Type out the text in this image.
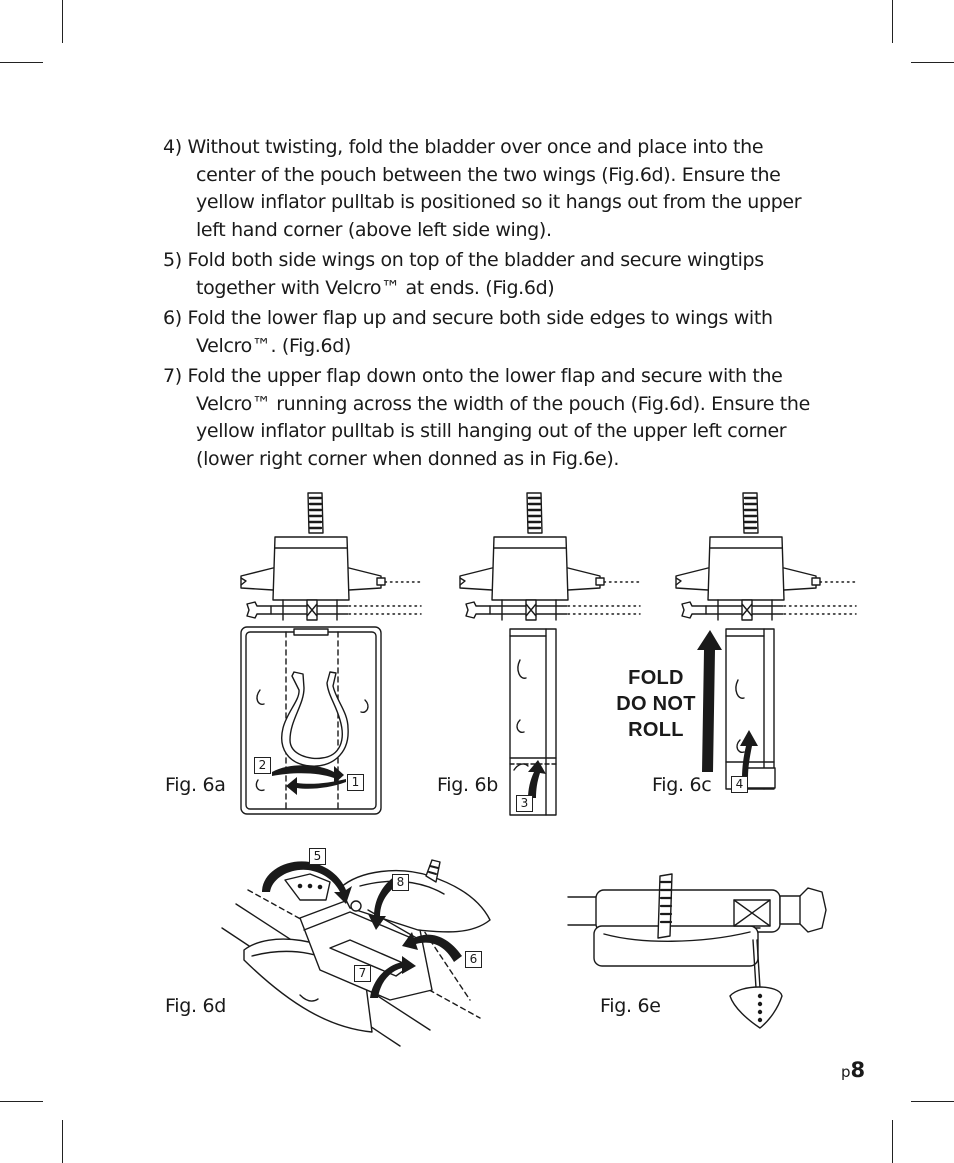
4) Without twisting, fold the bladder over once and place into the center of the pouch between the two wings (Fig.6d). Ensure the yellow inflator pulltab is positioned so it hangs out from the upper left hand corner (above left side wing).

5) Fold both side wings on top of the bladder and secure wingtips together with Velcro™ at ends. (Fig.6d)

6) Fold the lower flap up and secure both side edges to wings with Velcro™. (Fig.6d)

7) Fold the upper flap down onto the lower flap and secure with the Velcro™ running across the width of the pouch (Fig.6d). Ensure the yellow inflator pulltab is still hanging out of the upper left corner (lower right corner when donned as in Fig.6e).

Fig. 6a	Fig. 6b	Fig. 6c
Fig. 6d	Fig. 6e
2
1
3
4
5
8
7
6
FOLD
DO NOT
ROLL
p8
